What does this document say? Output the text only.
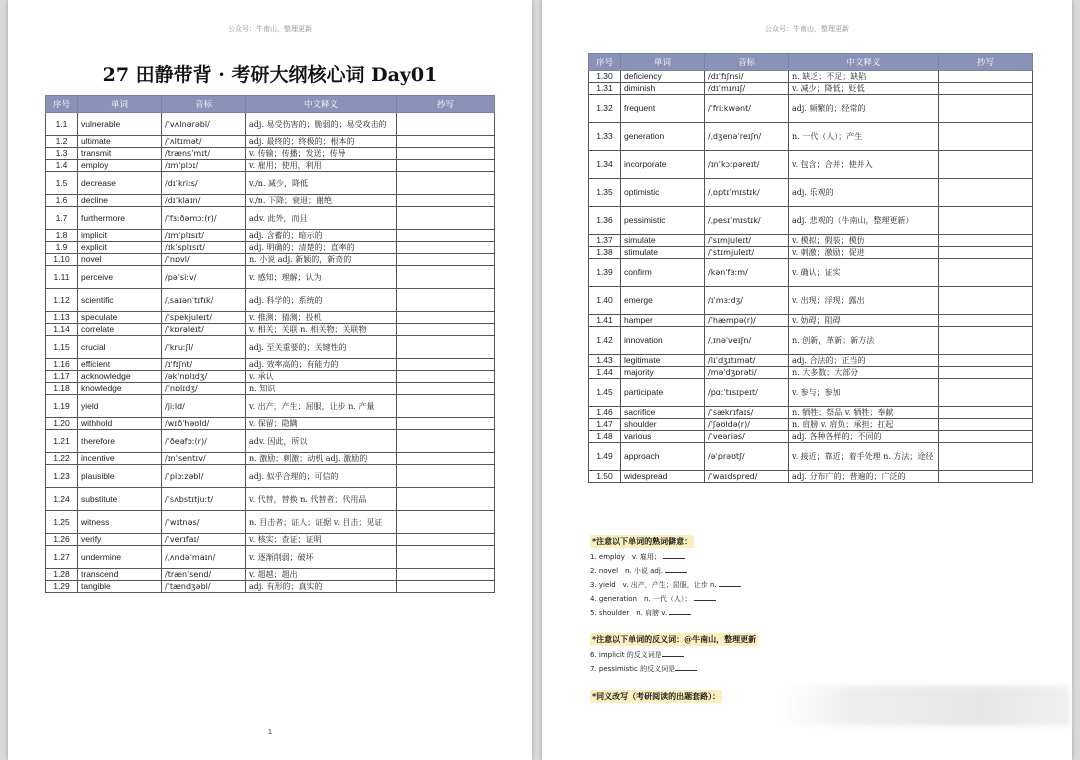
公众号：牛南山，整理更新
27 田静带背 · 考研大纲核心词 Day01
序号	单词	音标	中文释义	抄写
1.1	vulnerable	/ˈvʌlnərəbl/	adj. 易受伤害的；脆弱的；易受攻击的	
1.2	ultimate	/ˈʌltɪmət/	adj. 最终的；终极的；根本的	
1.3	transmit	/trænsˈmɪt/	v. 传输；传播；发送；传导	
1.4	employ	/ɪmˈplɔɪ/	v. 雇用；使用，利用	
1.5	decrease	/dɪˈkriːs/	v./n. 减少，降低	
1.6	decline	/dɪˈklaɪn/	v./n. 下降；衰退；谢绝	
1.7	furthermore	/ˈfɜːðəmɔː(r)/	adv. 此外，而且	
1.8	implicit	/ɪmˈplɪsɪt/	adj. 含蓄的；暗示的	
1.9	explicit	/ɪkˈsplɪsɪt/	adj. 明确的；清楚的；直率的	
1.10	novel	/ˈnɒvl/	n. 小说 adj. 新颖的，新奇的	
1.11	perceive	/pəˈsiːv/	v. 感知；理解；认为	
1.12	scientific	/ˌsaɪənˈtɪfɪk/	adj. 科学的；系统的	
1.13	speculate	/ˈspekjuleɪt/	v. 推测；猜测；投机	
1.14	correlate	/ˈkɒrəleɪt/	v. 相关；关联 n. 相关物；关联物	
1.15	crucial	/ˈkruːʃl/	adj. 至关重要的；关键性的	
1.16	efficient	/ɪˈfɪʃnt/	adj. 效率高的；有能力的	
1.17	acknowledge	/əkˈnɒlɪdʒ/	v. 承认	
1.18	knowledge	/ˈnɒlɪdʒ/	n. 知识	
1.19	yield	/jiːld/	v. 出产，产生；屈服，让步 n. 产量	
1.20	withhold	/wɪðˈhəʊld/	v. 保留；隐瞒	
1.21	therefore	/ˈðeəfɔː(r)/	adv. 因此，所以	
1.22	incentive	/ɪnˈsentɪv/	n. 激励；刺激；动机 adj. 激励的	
1.23	plausible	/ˈplɔːzəbl/	adj. 似乎合理的；可信的	
1.24	substitute	/ˈsʌbstɪtjuːt/	v. 代替，替换 n. 代替者；代用品	
1.25	witness	/ˈwɪtnəs/	n. 目击者；证人；证据 v. 目击；见证	
1.26	verify	/ˈverɪfaɪ/	v. 核实；查证；证明	
1.27	undermine	/ˌʌndəˈmaɪn/	v. 逐渐削弱；破坏	
1.28	transcend	/trænˈsend/	v. 超越；超出	
1.29	tangible	/ˈtændʒəbl/	adj. 有形的；真实的	
1
公众号：牛南山，整理更新
序号	单词	音标	中文释义	抄写
1.30	deficiency	/dɪˈfɪʃnsi/	n. 缺乏；不足；缺陷	
1.31	diminish	/dɪˈmɪnɪʃ/	v. 减少；降低；贬低	
1.32	frequent	/ˈfriːkwənt/	adj. 频繁的；经常的	
1.33	generation	/ˌdʒenəˈreɪʃn/	n. 一代（人）；产生	
1.34	incorporate	/ɪnˈkɔːpəreɪt/	v. 包含；合并；使并入	
1.35	optimistic	/ˌɒptɪˈmɪstɪk/	adj. 乐观的	
1.36	pessimistic	/ˌpesɪˈmɪstɪk/	adj. 悲观的（牛南山，整理更新）	
1.37	simulate	/ˈsɪmjuleɪt/	v. 模拟；假装；模仿	
1.38	stimulate	/ˈstɪmjuleɪt/	v. 刺激；激励；促进	
1.39	confirm	/kənˈfɜːm/	v. 确认；证实	
1.40	emerge	/ɪˈmɜːdʒ/	v. 出现；浮现；露出	
1.41	hamper	/ˈhæmpə(r)/	v. 妨碍；阻碍	
1.42	innovation	/ˌɪnəˈveɪʃn/	n. 创新，革新；新方法	
1.43	legitimate	/lɪˈdʒɪtɪmət/	adj. 合法的；正当的	
1.44	majority	/məˈdʒɒrəti/	n. 大多数；大部分	
1.45	participate	/pɑːˈtɪsɪpeɪt/	v. 参与；参加	
1.46	sacrifice	/ˈsækrɪfaɪs/	n. 牺牲；祭品 v. 牺牲；奉献	
1.47	shoulder	/ˈʃəʊldə(r)/	n. 肩膀 v. 肩负；承担；扛起	
1.48	various	/ˈveəriəs/	adj. 各种各样的；不同的	
1.49	approach	/əˈprəʊtʃ/	v. 接近；靠近；着手处理 n. 方法；途径	
1.50	widespread	/ˈwaɪdspred/	adj. 分布广的；普遍的；广泛的	
*注意以下单词的熟词僻意：
1. employ　v. 雇用；
2. novel　n. 小说 adj.
3. yield　v. 出产，产生；屈服，让步 n.
4. generation　n. 一代（人）；
5. shoulder　n. 肩膀 v.
*注意以下单词的反义词：@牛南山，整理更新
6. implicit 的反义词是
7. pessimistic 的反义词是
*同义改写（考研阅读的出题套路）：
